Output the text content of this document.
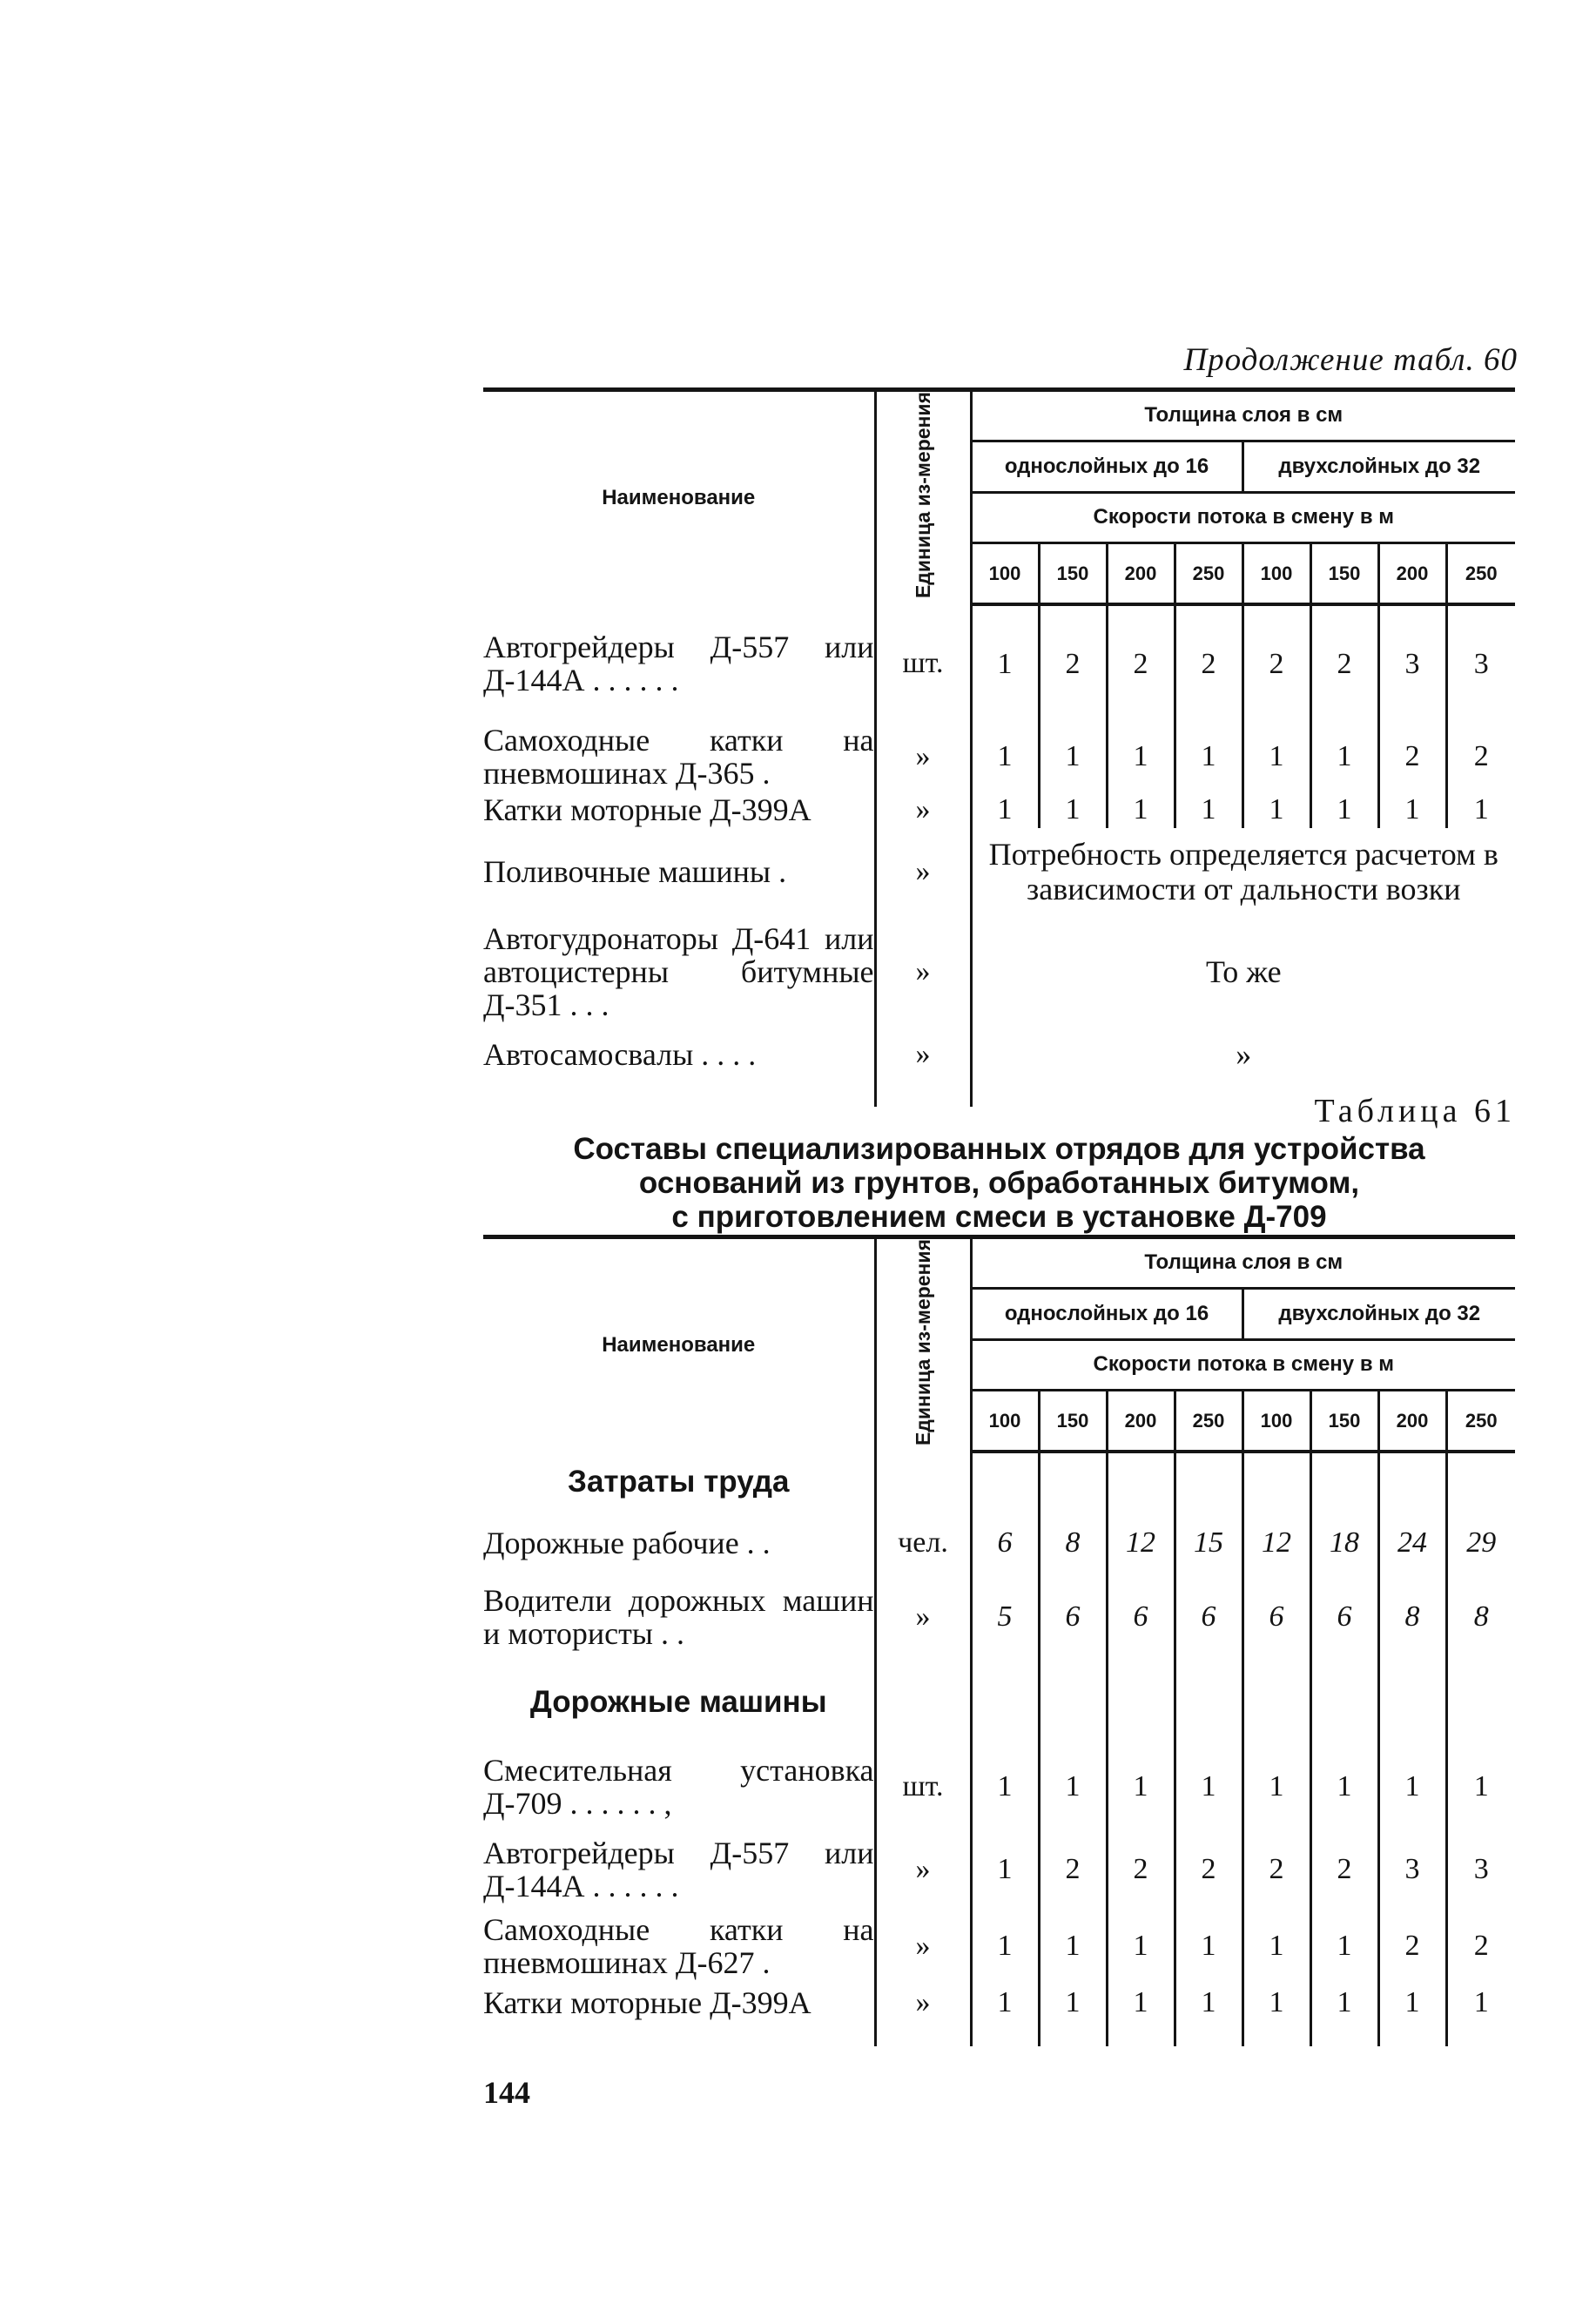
Продолжение табл. 60
Наименование	Единица из-мерения	Толщина слоя в см							
		однослойных до 16				двухслойных до 32			
		Скорости потока в смену в м							
		100	150	200	250	100	150	200	250
Автогрейдеры Д-557 или Д-144А . . . . . .	шт.	1	2	2	2	2	2	3	3
Самоходные катки на пневмошинах Д-365 .	»	1	1	1	1	1	1	2	2
Катки моторные Д-399А	»	1	1	1	1	1	1	1	1
Поливочные машины .	»	Потребность определяется расчетом в зависимости от дальности возки							
Автогудронаторы Д-641 или автоцистерны битумные Д-351 . . .	»	То же							
Автосамосвалы . . . .	»	»							

Таблица 61
Составы специализированных отрядов для устройства
оснований из грунтов, обработанных битумом,
с приготовлением смеси в установке Д-709
Наименование	Единица из-мерения	Толщина слоя в см							
		однослойных до 16				двухслойных до 32			
		Скорости потока в смену в м							
		100	150	200	250	100	150	200	250
Затраты труда									
Дорожные рабочие . .	чел.	6	8	12	15	12	18	24	29
Водители дорожных машин и мотористы . .	»	5	6	6	6	6	6	8	8
Дорожные машины									
Смесительная установка Д-709 . . . . . . ,	шт.	1	1	1	1	1	1	1	1
Автогрейдеры Д-557 или Д-144А . . . . . .	»	1	2	2	2	2	2	3	3
Самоходные катки на пневмошинах Д-627 .	»	1	1	1	1	1	1	2	2
Катки моторные Д-399А	»	1	1	1	1	1	1	1	1

144
